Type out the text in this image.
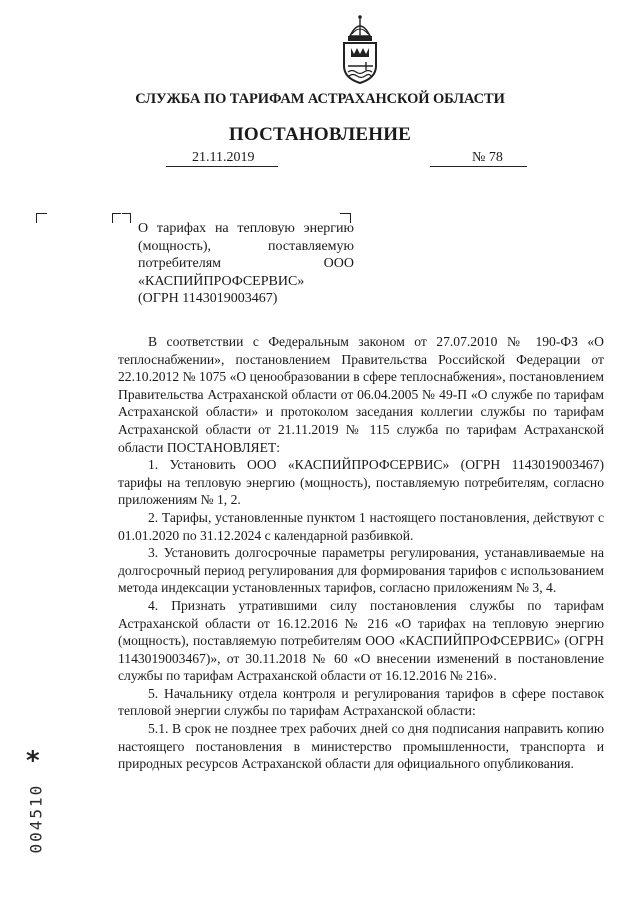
СЛУЖБА ПО ТАРИФАМ АСТРАХАНСКОЙ ОБЛАСТИ
ПОСТАНОВЛЕНИЕ
21.11.2019	№ 78
О тарифах на тепловую энергию
(мощность), поставляемую
потребителям ООО
«КАСПИЙПРОФСЕРВИС»
(ОГРН 1143019003467)

В соответствии с Федеральным законом от 27.07.2010 № 190-ФЗ «О теплоснабжении», постановлением Правительства Российской Федерации от 22.10.2012 № 1075 «О ценообразовании в сфере теплоснабжения», постановлением Правительства Астраханской области от 06.04.2005 № 49-П «О службе по тарифам Астраханской области» и протоколом заседания коллегии службы по тарифам Астраханской области от 21.11.2019 № 115 служба по тарифам Астраханской области ПОСТАНОВЛЯЕТ:

1. Установить ООО «КАСПИЙПРОФСЕРВИС» (ОГРН 1143019003467) тарифы на тепловую энергию (мощность), поставляемую потребителям, согласно приложениям № 1, 2.

2. Тарифы, установленные пунктом 1 настоящего постановления, действуют с 01.01.2020 по 31.12.2024 с календарной разбивкой.

3. Установить долгосрочные параметры регулирования, устанавливаемые на долгосрочный период регулирования для формирования тарифов с использованием метода индексации установленных тарифов, согласно приложениям № 3, 4.

4. Признать утратившими силу постановления службы по тарифам Астраханской области от 16.12.2016 № 216 «О тарифах на тепловую энергию (мощность), поставляемую потребителям ООО «КАСПИЙПРОФСЕРВИС» (ОГРН 1143019003467)», от 30.11.2018 № 60 «О внесении изменений в постановление службы по тарифам Астраханской области от 16.12.2016 № 216».

5. Начальнику отдела контроля и регулирования тарифов в сфере поставок тепловой энергии службы по тарифам Астраханской области:

5.1. В срок не позднее трех рабочих дней со дня подписания направить копию настоящего постановления в министерство промышленности, транспорта и природных ресурсов Астраханской области для официального опубликования.

*
004510
